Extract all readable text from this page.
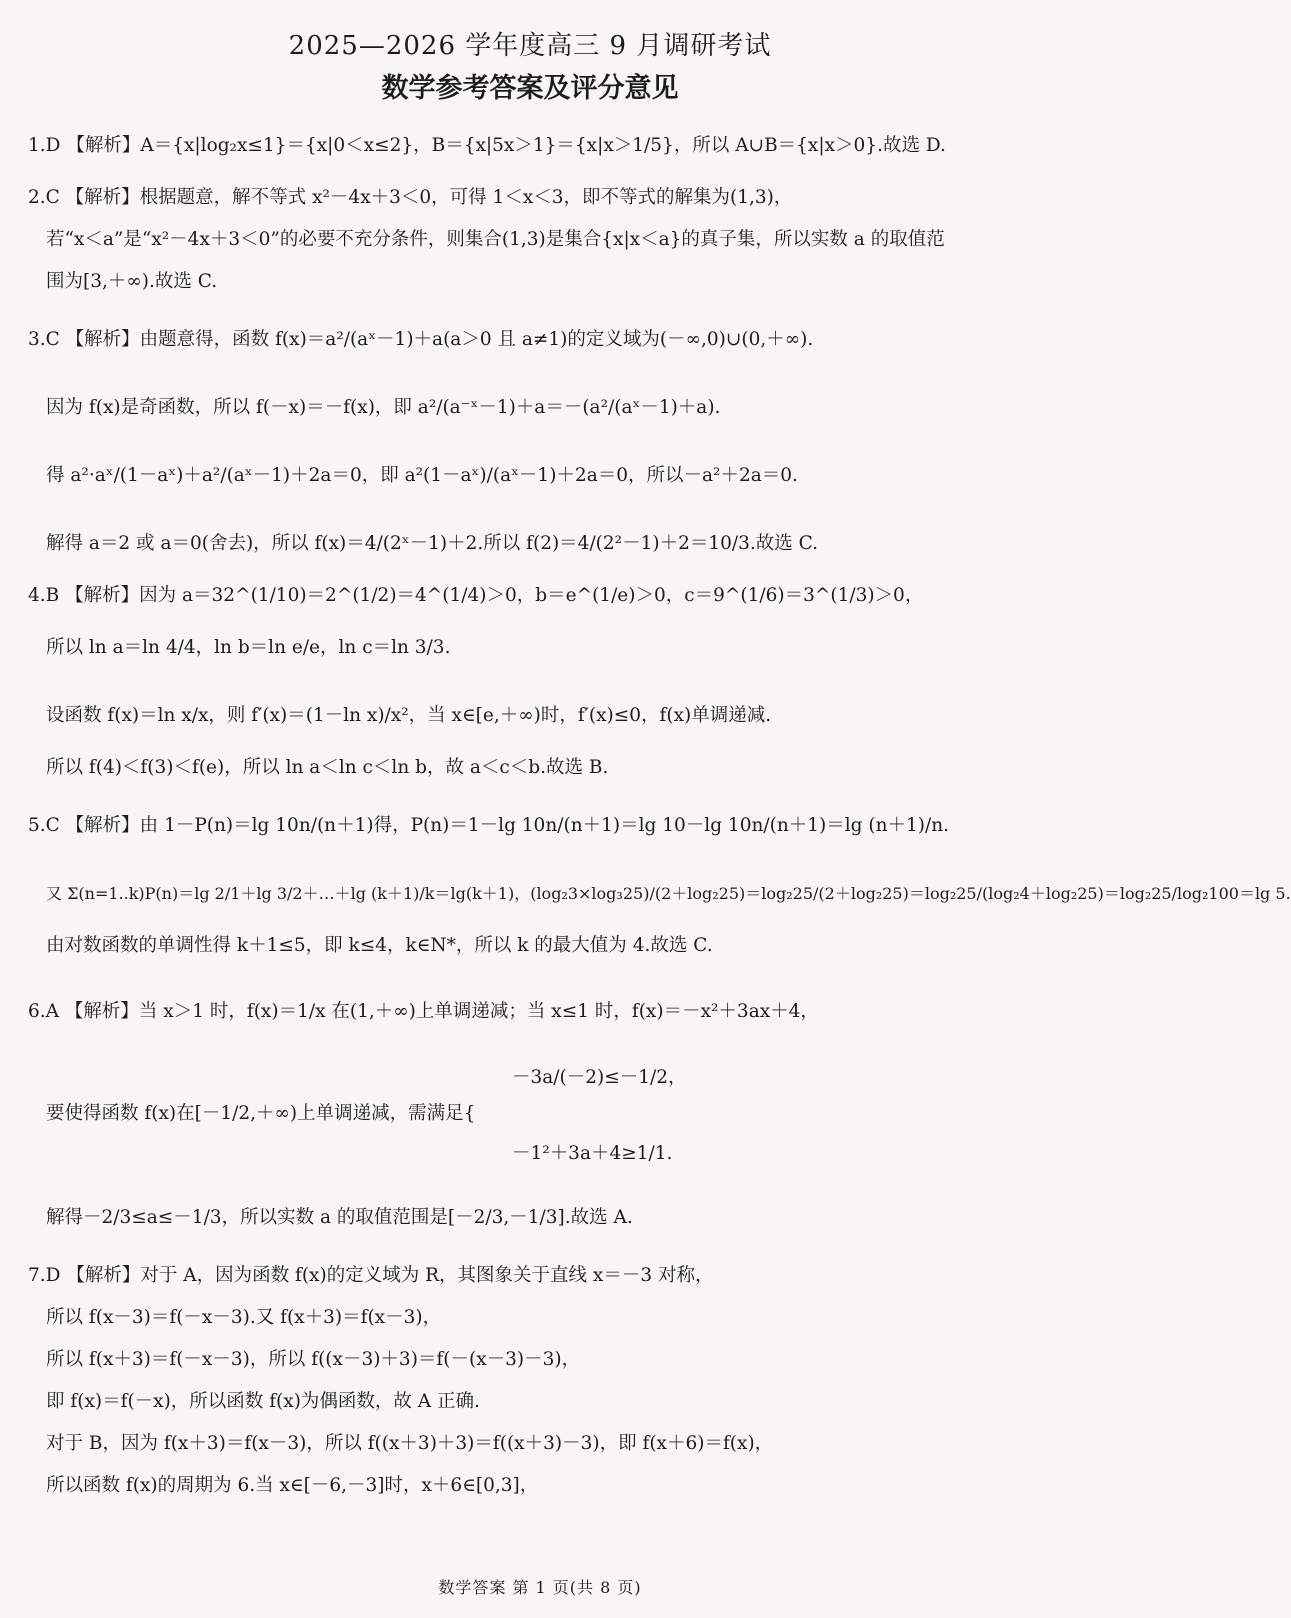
2025—2026 学年度高三 9 月调研考试
数学参考答案及评分意见
1.D 【解析】A＝{x|log₂x≤1}＝{x|0＜x≤2}，B＝{x|5x＞1}＝{x|x＞1/5}，所以 A∪B＝{x|x＞0}.故选 D.
2.C 【解析】根据题意，解不等式 x²－4x＋3＜0，可得 1＜x＜3，即不等式的解集为(1,3)，
若“x＜a”是“x²－4x＋3＜0”的必要不充分条件，则集合(1,3)是集合{x|x＜a}的真子集，所以实数 a 的取值范
围为[3,＋∞).故选 C.
3.C 【解析】由题意得，函数 f(x)＝a²/(aˣ－1)＋a(a＞0 且 a≠1)的定义域为(－∞,0)∪(0,＋∞).
因为 f(x)是奇函数，所以 f(－x)＝－f(x)，即 a²/(a⁻ˣ－1)＋a＝－(a²/(aˣ－1)＋a).
得 a²·aˣ/(1－aˣ)＋a²/(aˣ－1)＋2a＝0，即 a²(1－aˣ)/(aˣ－1)＋2a＝0，所以－a²＋2a＝0.
解得 a＝2 或 a＝0(舍去)，所以 f(x)＝4/(2ˣ－1)＋2.所以 f(2)＝4/(2²－1)＋2＝10/3.故选 C.
4.B 【解析】因为 a＝32^(1/10)＝2^(1/2)＝4^(1/4)＞0，b＝e^(1/e)＞0，c＝9^(1/6)＝3^(1/3)＞0，
所以 ln a＝ln 4/4，ln b＝ln e/e，ln c＝ln 3/3.
设函数 f(x)＝ln x/x，则 f′(x)＝(1－ln x)/x²，当 x∈[e,＋∞)时，f′(x)≤0，f(x)单调递减.
所以 f(4)＜f(3)＜f(e)，所以 ln a＜ln c＜ln b，故 a＜c＜b.故选 B.
5.C 【解析】由 1－P(n)＝lg 10n/(n＋1)得，P(n)＝1－lg 10n/(n＋1)＝lg 10－lg 10n/(n＋1)＝lg (n＋1)/n.
又 Σ(n=1..k)P(n)＝lg 2/1＋lg 3/2＋…＋lg (k＋1)/k＝lg(k＋1)，(log₂3×log₃25)/(2＋log₂25)＝log₂25/(2＋log₂25)＝log₂25/(log₂4＋log₂25)＝log₂25/log₂100＝lg 5.
由对数函数的单调性得 k＋1≤5，即 k≤4，k∈N*，所以 k 的最大值为 4.故选 C.
6.A 【解析】当 x＞1 时，f(x)＝1/x 在(1,＋∞)上单调递减；当 x≤1 时，f(x)＝－x²＋3ax＋4，
－3a/(－2)≤－1/2，
要使得函数 f(x)在[－1/2,＋∞)上单调递减，需满足{
－1²＋3a＋4≥1/1.
解得－2/3≤a≤－1/3，所以实数 a 的取值范围是[－2/3,－1/3].故选 A.
7.D 【解析】对于 A，因为函数 f(x)的定义域为 R，其图象关于直线 x＝－3 对称，
所以 f(x－3)＝f(－x－3).又 f(x＋3)＝f(x－3)，
所以 f(x＋3)＝f(－x－3)，所以 f((x－3)＋3)＝f(－(x－3)－3)，
即 f(x)＝f(－x)，所以函数 f(x)为偶函数，故 A 正确.
对于 B，因为 f(x＋3)＝f(x－3)，所以 f((x＋3)＋3)＝f((x＋3)－3)，即 f(x＋6)＝f(x)，
所以函数 f(x)的周期为 6.当 x∈[－6,－3]时，x＋6∈[0,3]，
数学答案 第 1 页(共 8 页)
